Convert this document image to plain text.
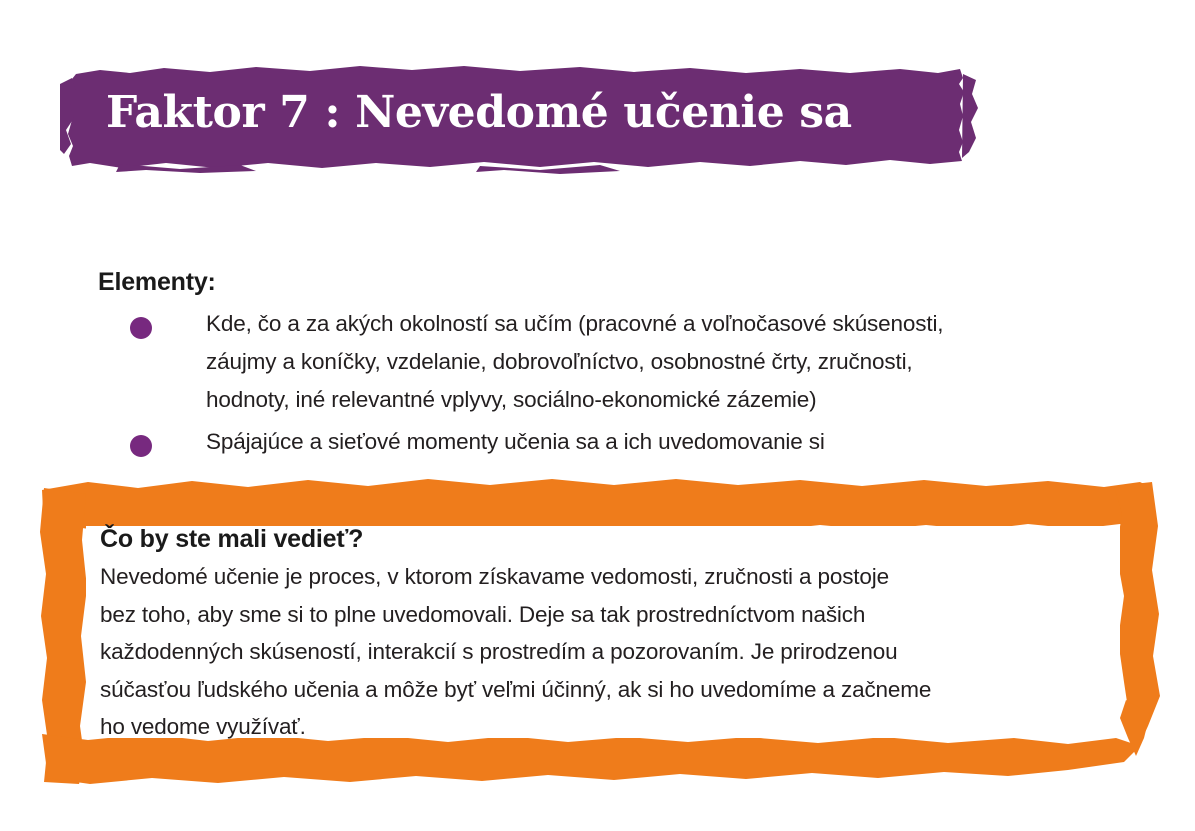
Faktor 7 : Nevedomé učenie sa
Elementy:
Kde, čo a za akých okolností sa učím (pracovné a voľnočasové skúsenosti,
záujmy a koníčky, vzdelanie, dobrovoľníctvo, osobnostné črty, zručnosti,
hodnoty, iné relevantné vplyvy, sociálno-ekonomické zázemie)
Spájajúce a sieťové momenty učenia sa a ich uvedomovanie si
Čo by ste mali vedieť?
Nevedomé učenie je proces, v ktorom získavame vedomosti, zručnosti a postoje
bez toho, aby sme si to plne uvedomovali. Deje sa tak prostredníctvom našich
každodenných skúseností, interakcií s prostredím a pozorovaním. Je prirodzenou
súčasťou ľudského učenia a môže byť veľmi účinný, ak si ho uvedomíme a začneme
ho vedome využívať.
